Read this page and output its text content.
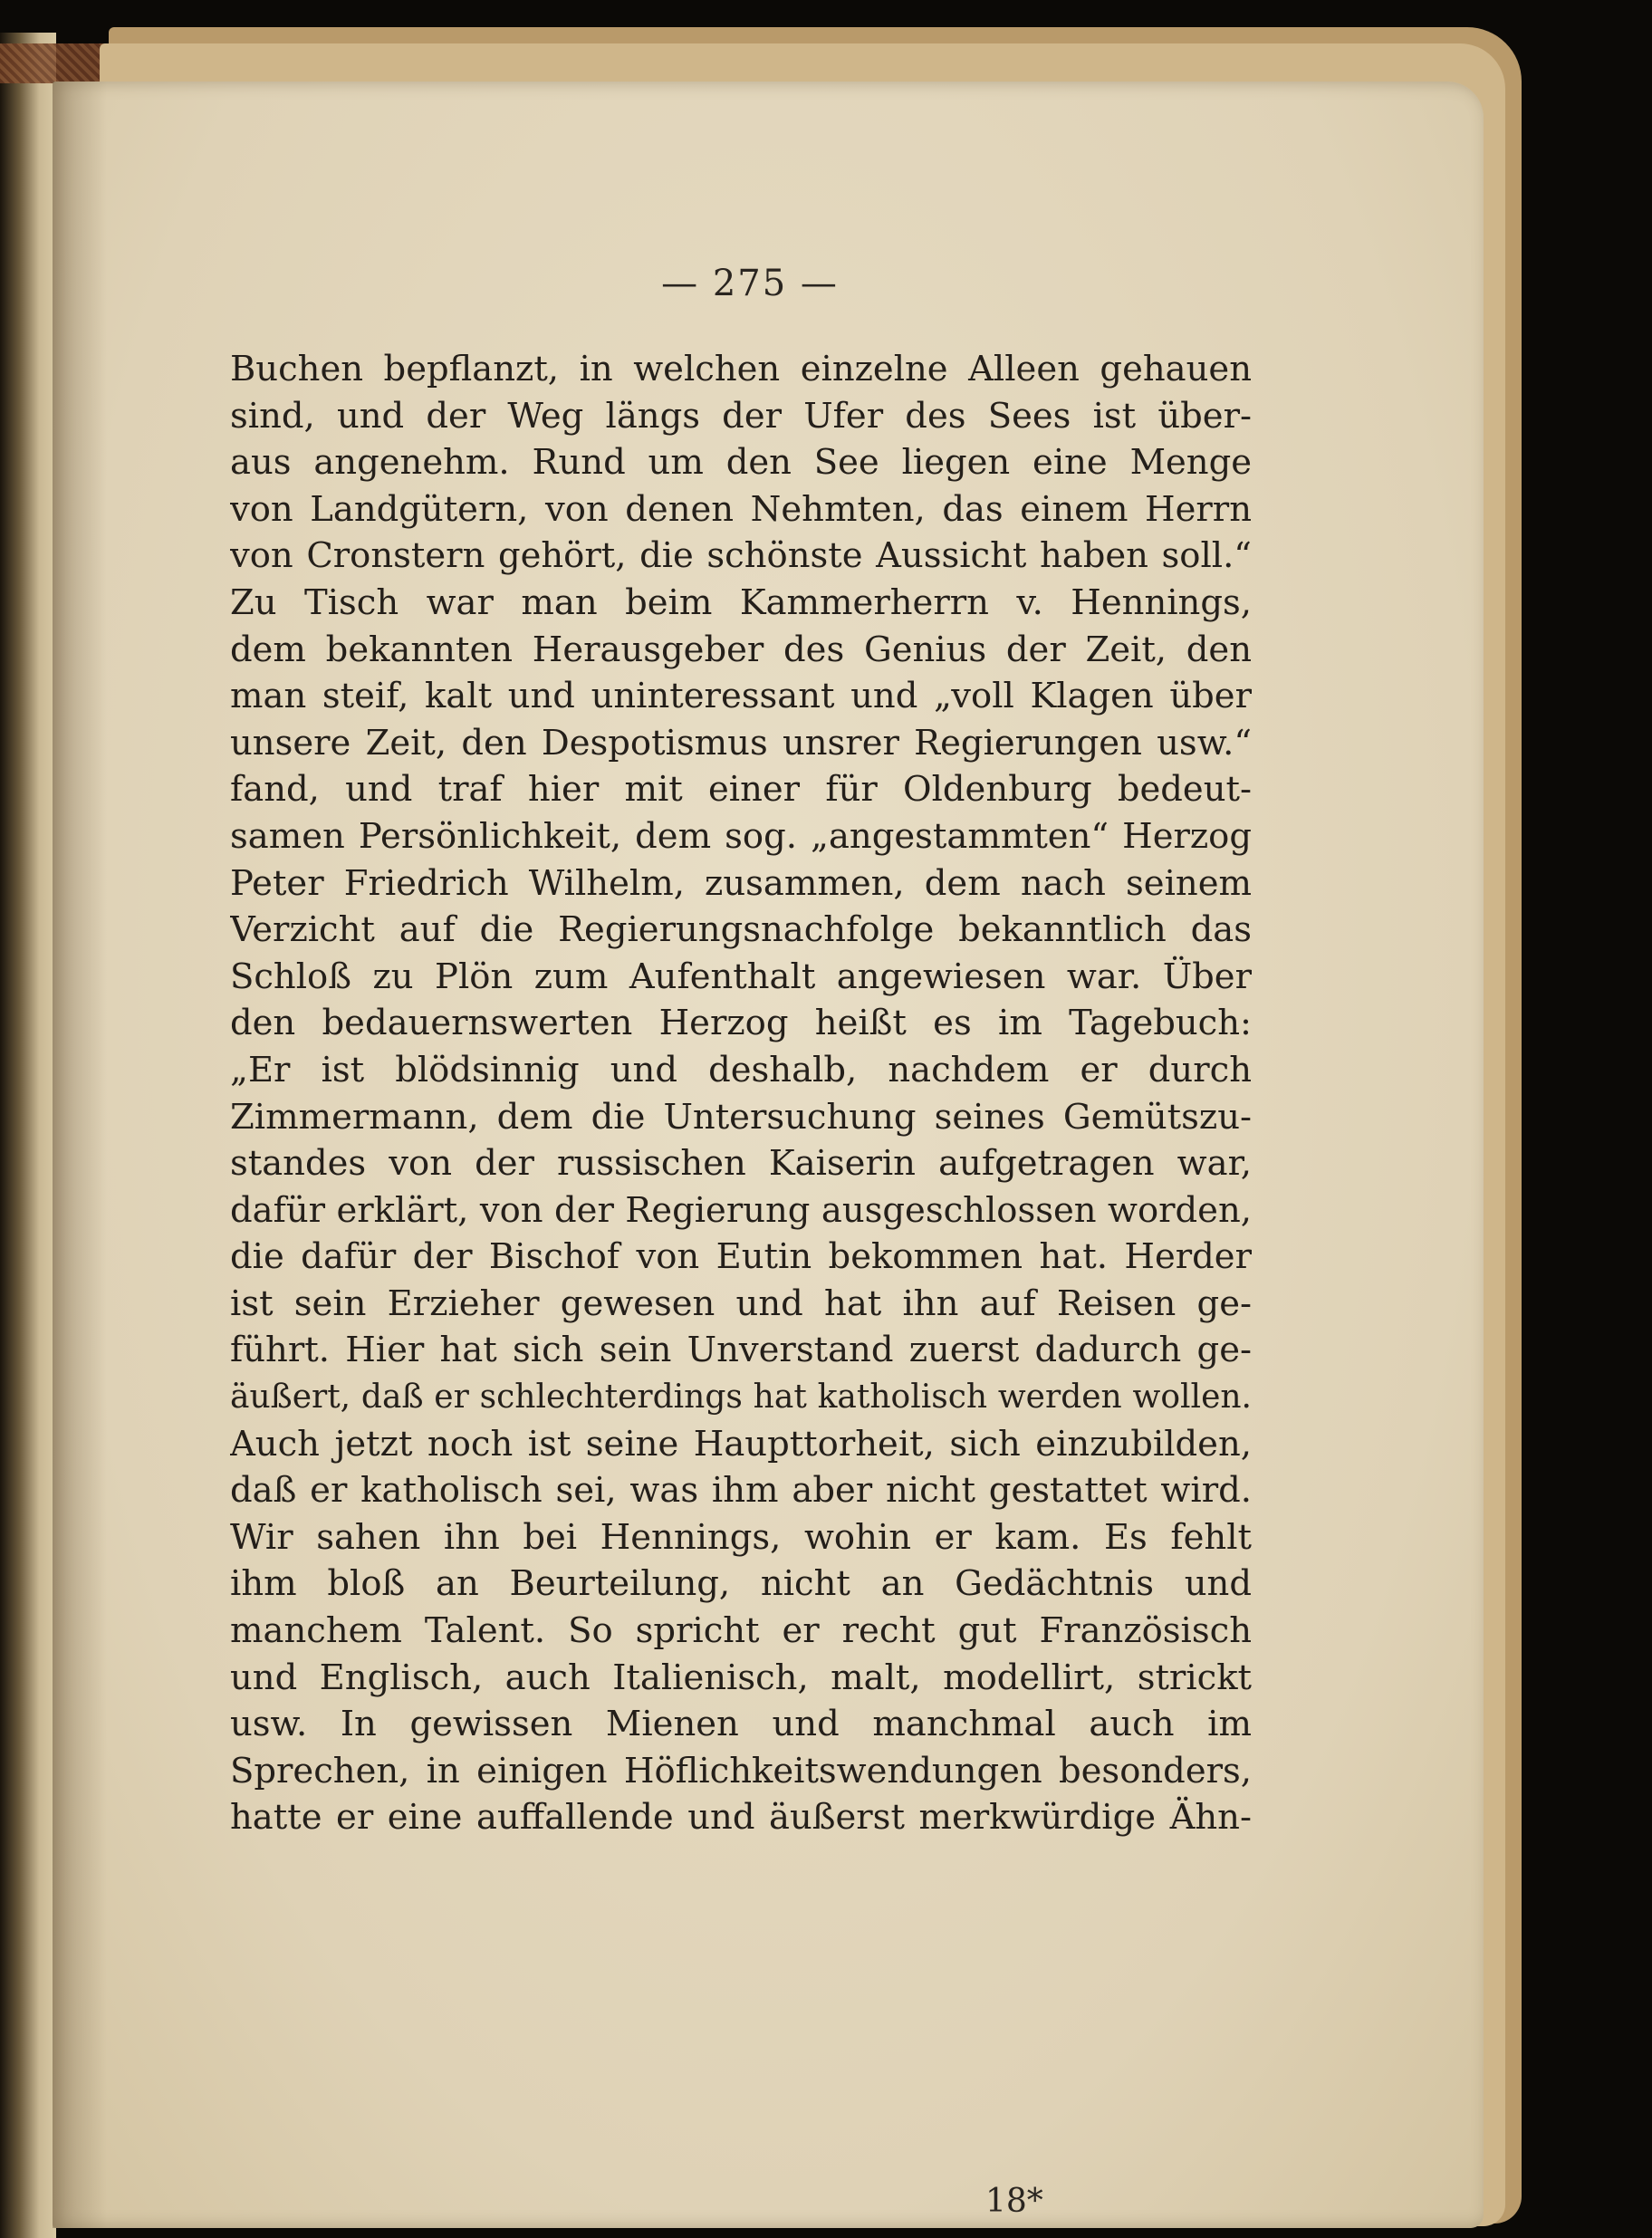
— 275 —
Buchen bepflanzt, in welchen einzelne Alleen gehauen
sind, und der Weg längs der Ufer des Sees ist über-
aus angenehm. Rund um den See liegen eine Menge
von Landgütern, von denen Nehmten, das einem Herrn
von Cronstern gehört, die schönste Aussicht haben soll.“
Zu Tisch war man beim Kammerherrn v. Hennings,
dem bekannten Herausgeber des Genius der Zeit, den
man steif, kalt und uninteressant und „voll Klagen über
unsere Zeit, den Despotismus unsrer Regierungen usw.“
fand, und traf hier mit einer für Oldenburg bedeut-
samen Persönlichkeit, dem sog. „angestammten“ Herzog
Peter Friedrich Wilhelm, zusammen, dem nach seinem
Verzicht auf die Regierungsnachfolge bekanntlich das
Schloß zu Plön zum Aufenthalt angewiesen war. Über
den bedauernswerten Herzog heißt es im Tagebuch:
„Er ist blödsinnig und deshalb, nachdem er durch
Zimmermann, dem die Untersuchung seines Gemütszu-
standes von der russischen Kaiserin aufgetragen war,
dafür erklärt, von der Regierung ausgeschlossen worden,
die dafür der Bischof von Eutin bekommen hat. Herder
ist sein Erzieher gewesen und hat ihn auf Reisen ge-
führt. Hier hat sich sein Unverstand zuerst dadurch ge-
äußert, daß er schlechterdings hat katholisch werden wollen.
Auch jetzt noch ist seine Haupttorheit, sich einzubilden,
daß er katholisch sei, was ihm aber nicht gestattet wird.
Wir sahen ihn bei Hennings, wohin er kam. Es fehlt
ihm bloß an Beurteilung, nicht an Gedächtnis und
manchem Talent. So spricht er recht gut Französisch
und Englisch, auch Italienisch, malt, modellirt, strickt
usw. In gewissen Mienen und manchmal auch im
Sprechen, in einigen Höflichkeitswendungen besonders,
hatte er eine auffallende und äußerst merkwürdige Ähn-
18*
